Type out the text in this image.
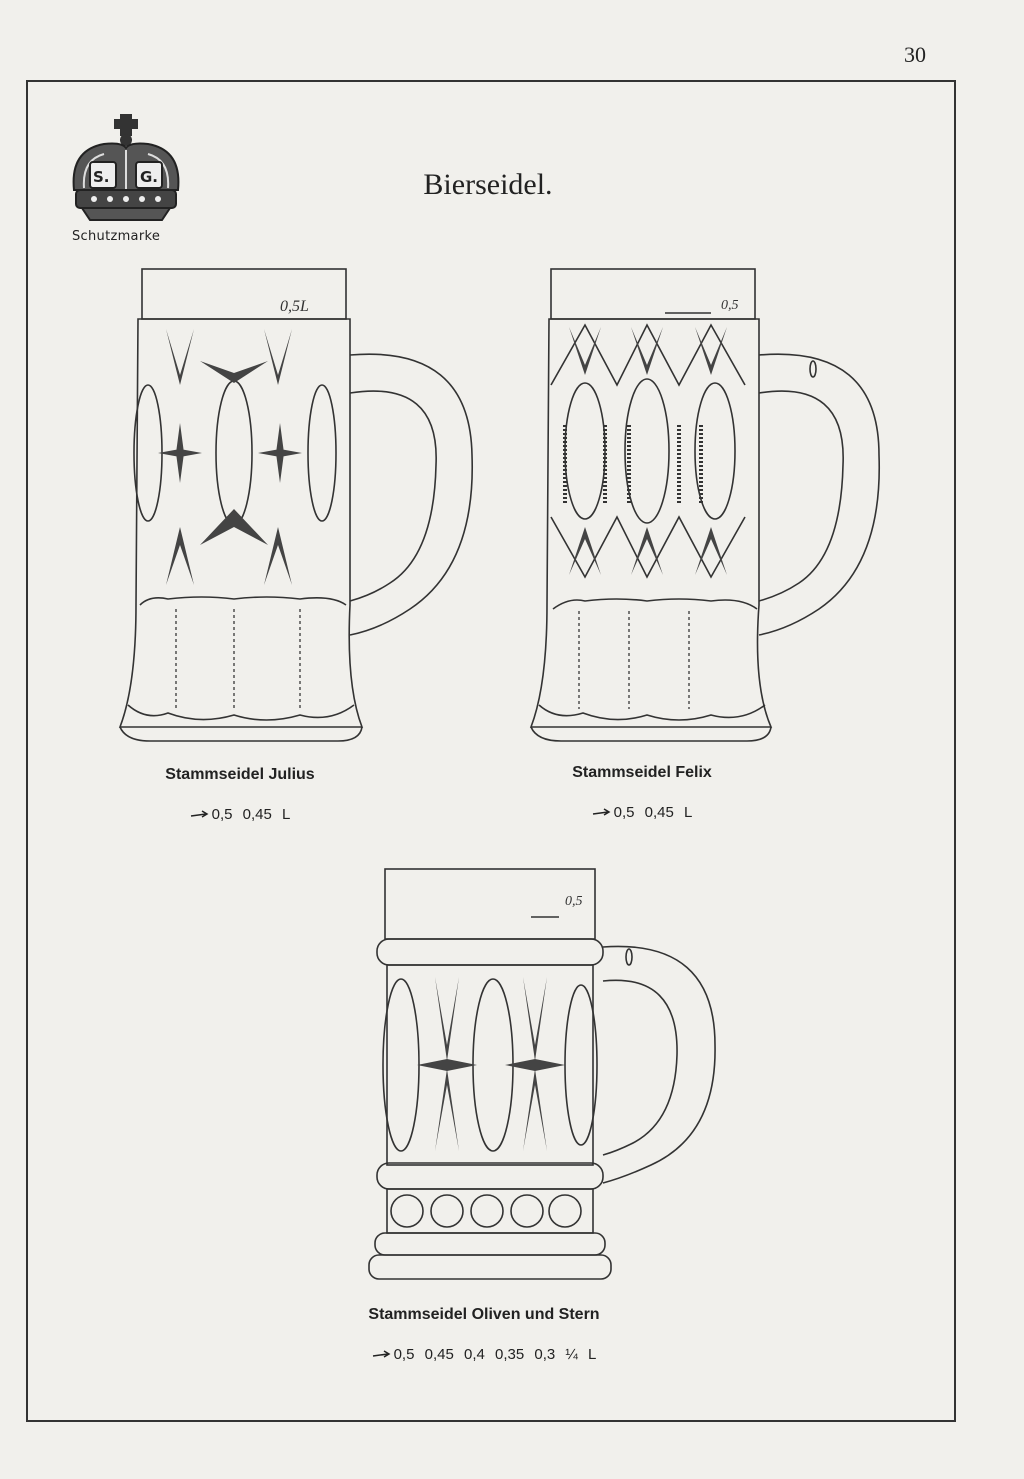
30
S. G.
Schutzmarke
Bierseidel.
0,5L	0,5
0,5
Stammseidel Julius
0,5 0,45 L
Stammseidel Felix
0,5 0,45 L
Stammseidel Oliven und Stern
0,5 0,45 0,4 0,35 0,3 ¼ L
